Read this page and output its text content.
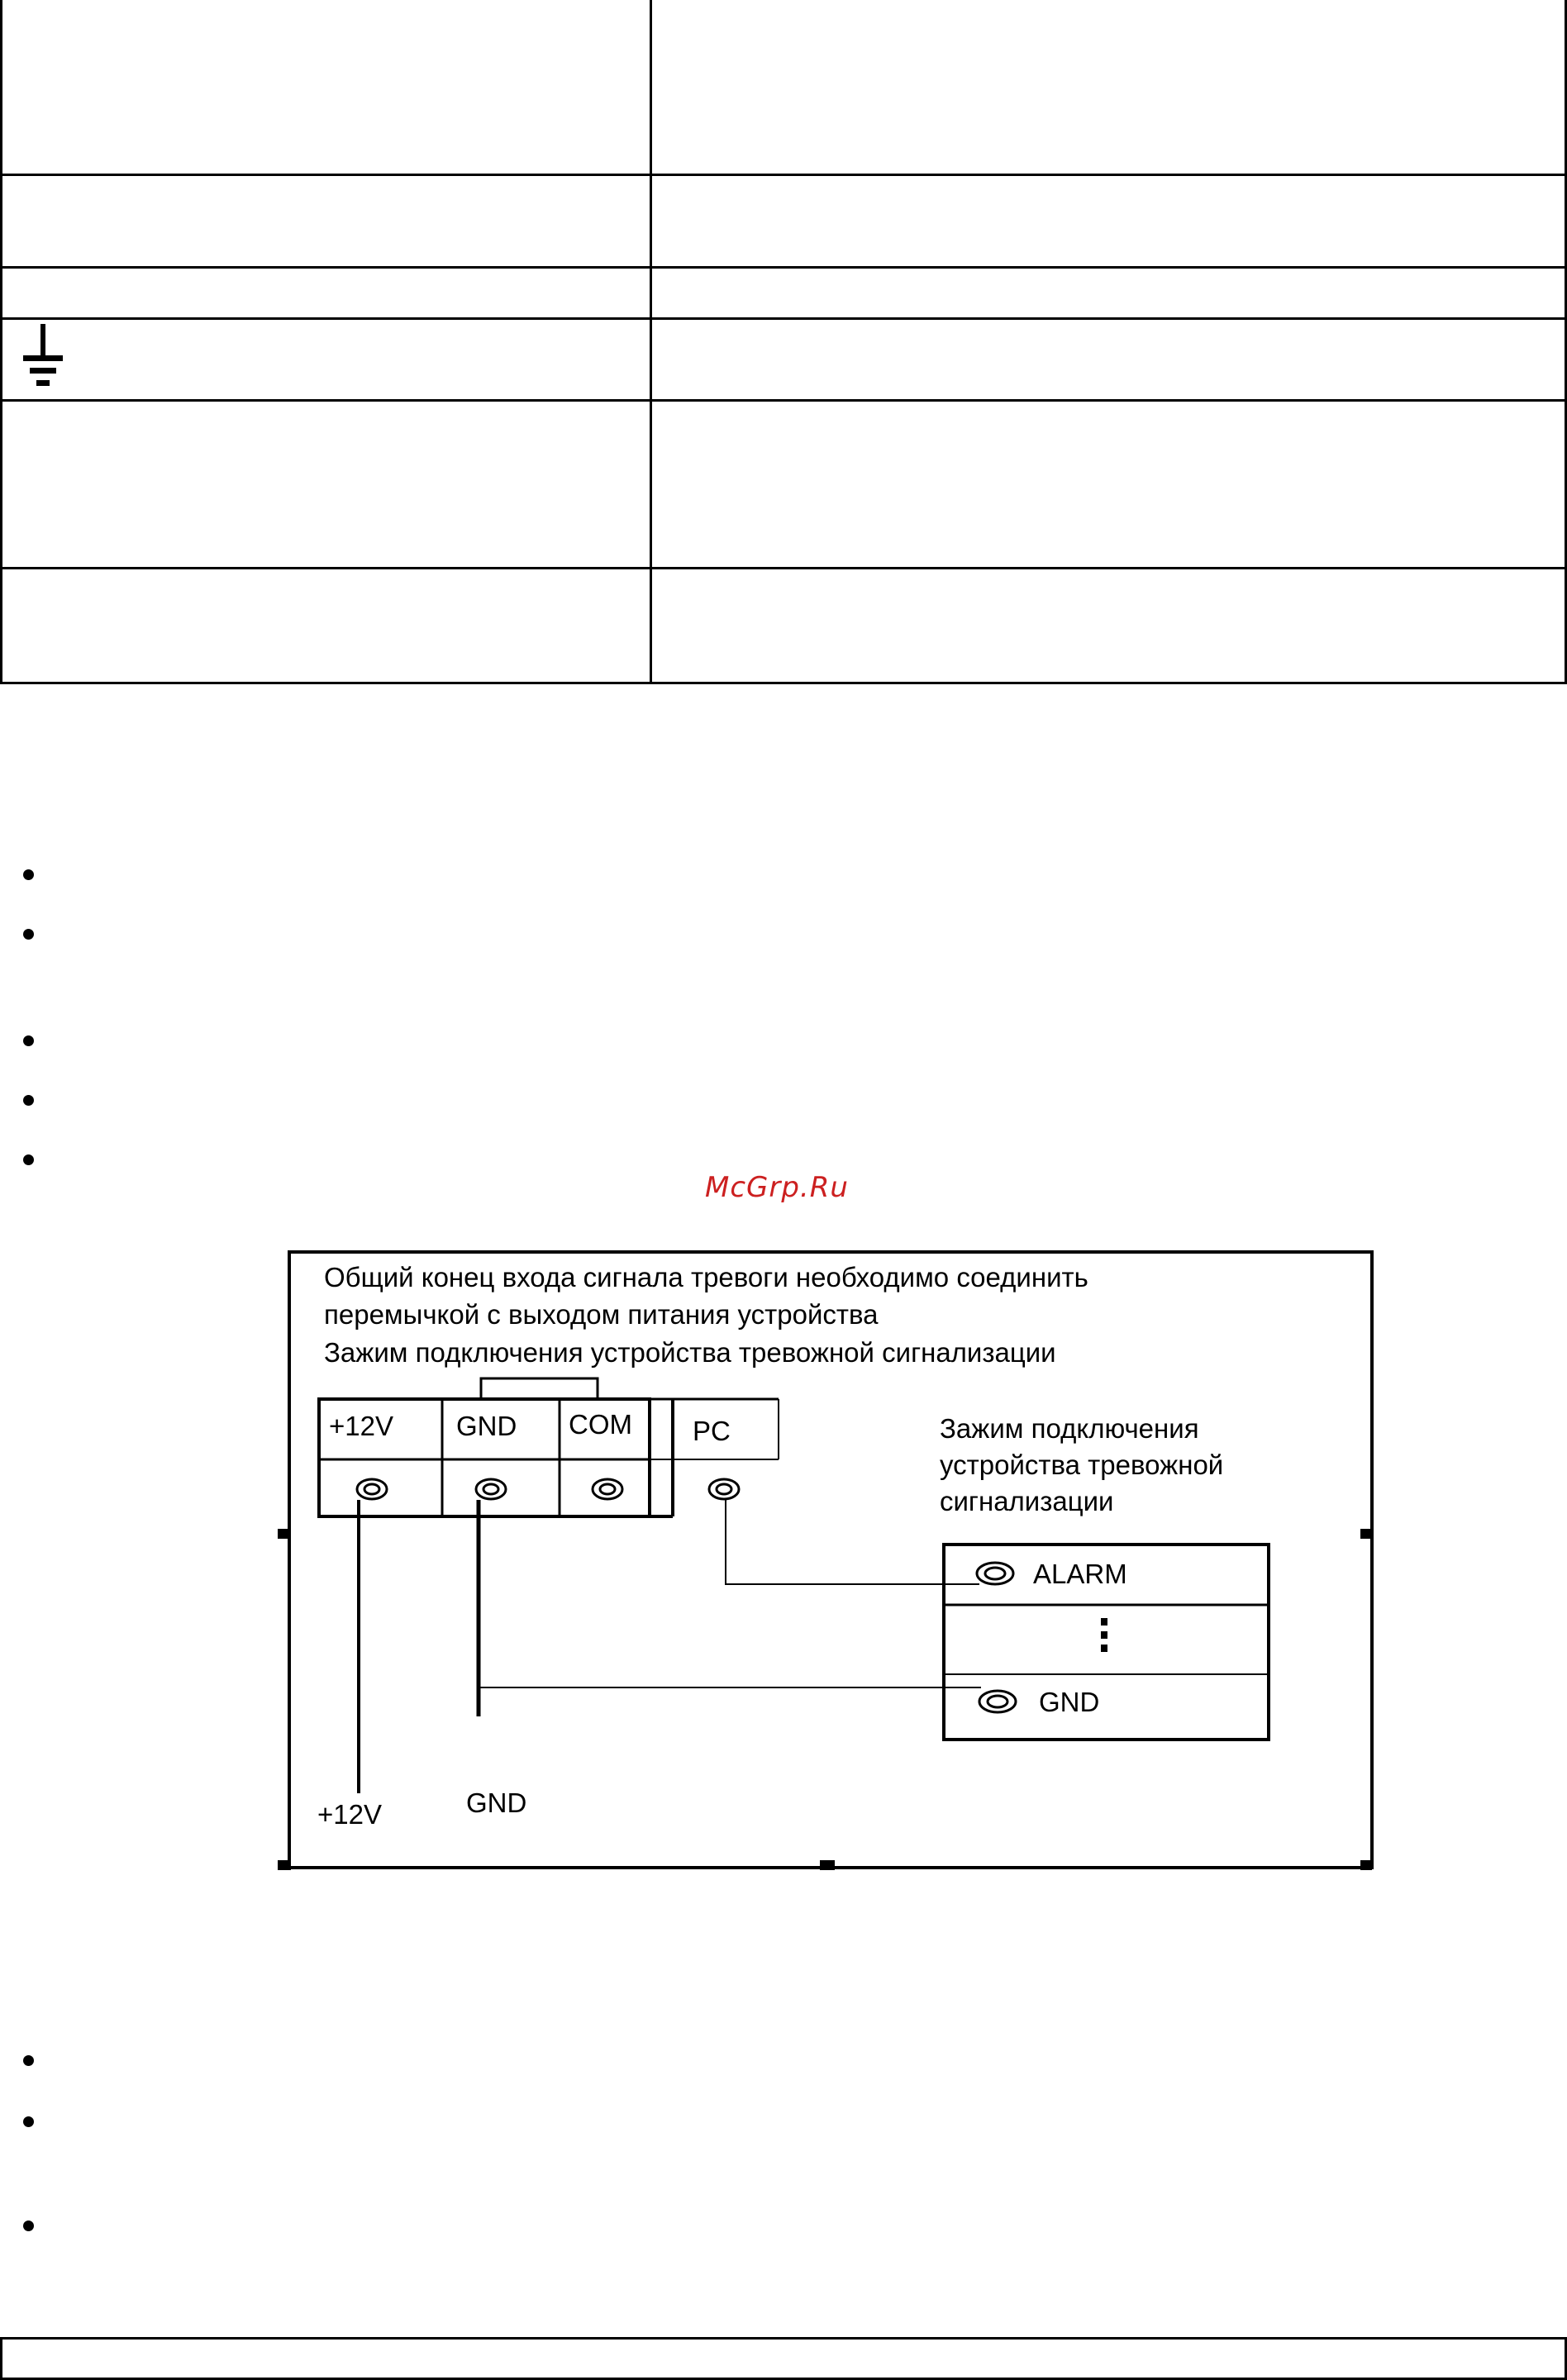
McGrp.Ru
Общий конец входа сигнала тревоги необходимо соединить
перемычкой с выходом питания устройства
Зажим подключения устройства тревожной сигнализации
+12V GND COM PC	Зажим подключения
устройства тревожной
сигнализации
ALARM
GND
+12V	GND
